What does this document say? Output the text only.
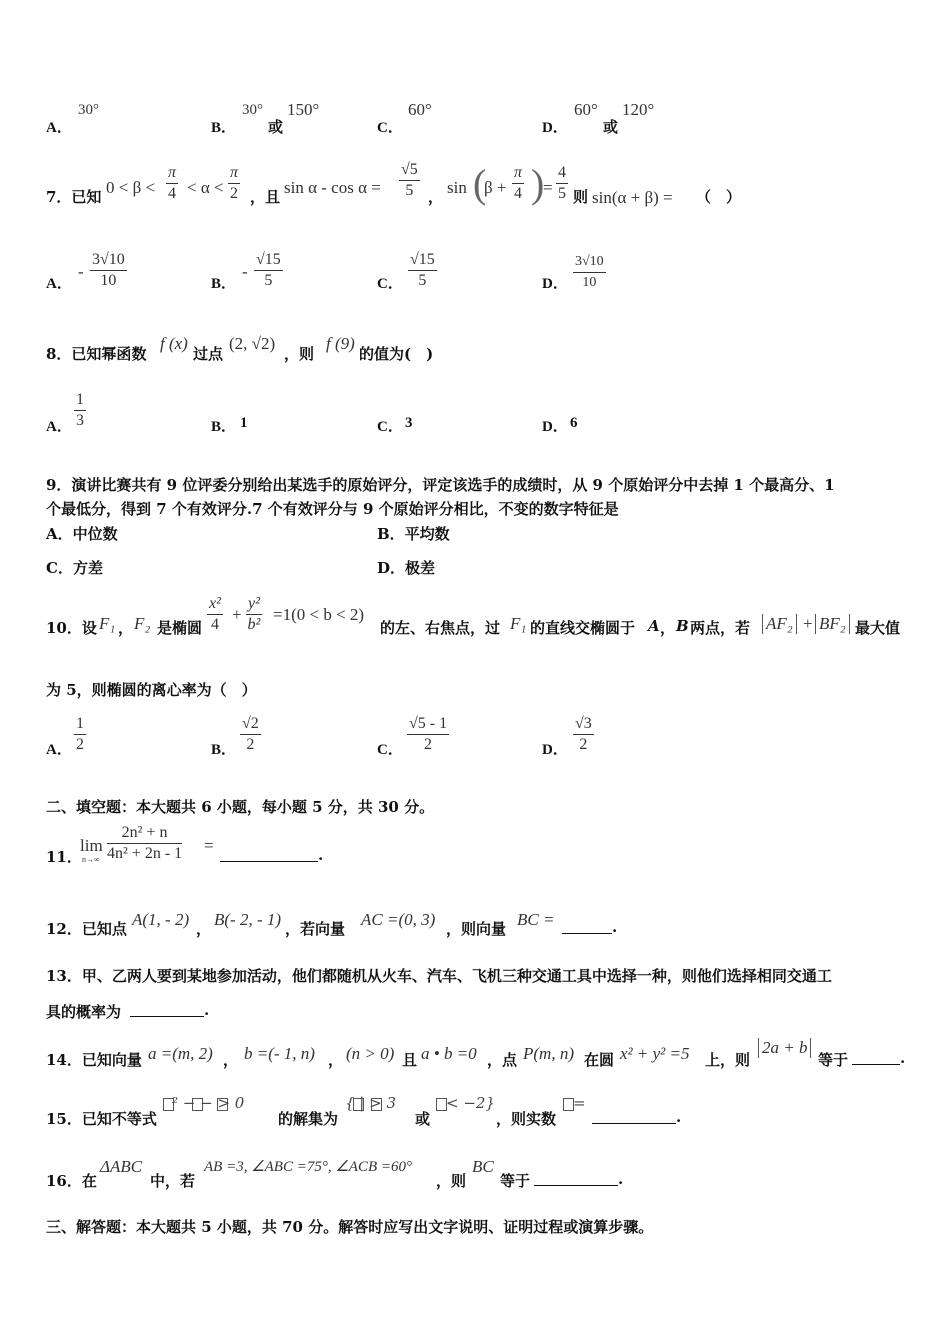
A．
30°
B．
30°
或
150°
C．
60°
D．
60°
或
120°
7．已知 $0 < \beta < \frac{\pi}{4} < \alpha < \frac{\pi}{2}$ ，且 $\sin \alpha - \cos \alpha = \frac{√5}{5}$ ， sin (
$\beta + \frac{\pi}{4}$ )
= $\frac{4}{5}$ 则 sin(α + β) = （　）
A．
- $\frac{3√10}{10}$	B．
- $\frac{√15}{5}$	C． $\frac{√15}{5}$	D． $\frac{3√10}{10}$
8．已知幂函数
f (x)
过点
(2, √2)
，则
f (9)
的值为(　)
A． $\frac{1}{3}$	B． 1	C． 3	D． 6
9．演讲比赛共有 9 位评委分别给出某选手的原始评分，评定该选手的成绩时，从 9 个原始评分中去掉 1 个最高分、1
个最低分，得到 7 个有效评分.7 个有效评分与 9 个原始评分相比，不变的数字特征是
A．中位数	B．平均数
C．方差	D．极差
10．设 F₁ ， F₂ 是椭圆 $\frac{\text{x²}}{4} + \frac{\text{y²}}{\text{b²}} =1(0 < b < 2)$
的左、右焦点，过 F₁ 的直线交椭圆于 A ， B 两点，若 AF₂ + BF₂ 最大值
为 5，则椭圆的离心率为（　）
A． $\frac{1}{2}$	B． $\frac{√2}{2}$	C． $\frac{√5 - 1}{2}$	D． $\frac{√3}{2}$
二、填空题：本大题共 6 小题，每小题 5 分，共 30 分。
11．
lim
$n\to\infty \frac{\text{2n² + n}}{\text{4n² + 2n - 1}}$ =	.
12．已知点 A(1, - 2) ， B(- 2, - 1) ，若向量 AC =(0, 3) ，则向量 BC =	.
13．甲、乙两人要到某地参加活动，他们都随机从火车、汽车、飞机三种交通工具中选择一种，则他们选择相同交通工
具的概率为	.
14．已知向量 a =(m, 2) ， b =(- 1, n) ， (n > 0) 且 a • b =0 ，点 P(m, n) 在圆 x² + y² =5 上，则
2a + b
等于	.
15．已知不等式
² − − > 0
的解集为
{ | > 3
或
< −2}
，则实数
=
.
16．在
ΔABC
中，若
AB =3, ∠ABC =75°, ∠ACB =60°
，则
BC
等于	.
三、解答题：本大题共 5 小题，共 70 分。解答时应写出文字说明、证明过程或演算步骤。
